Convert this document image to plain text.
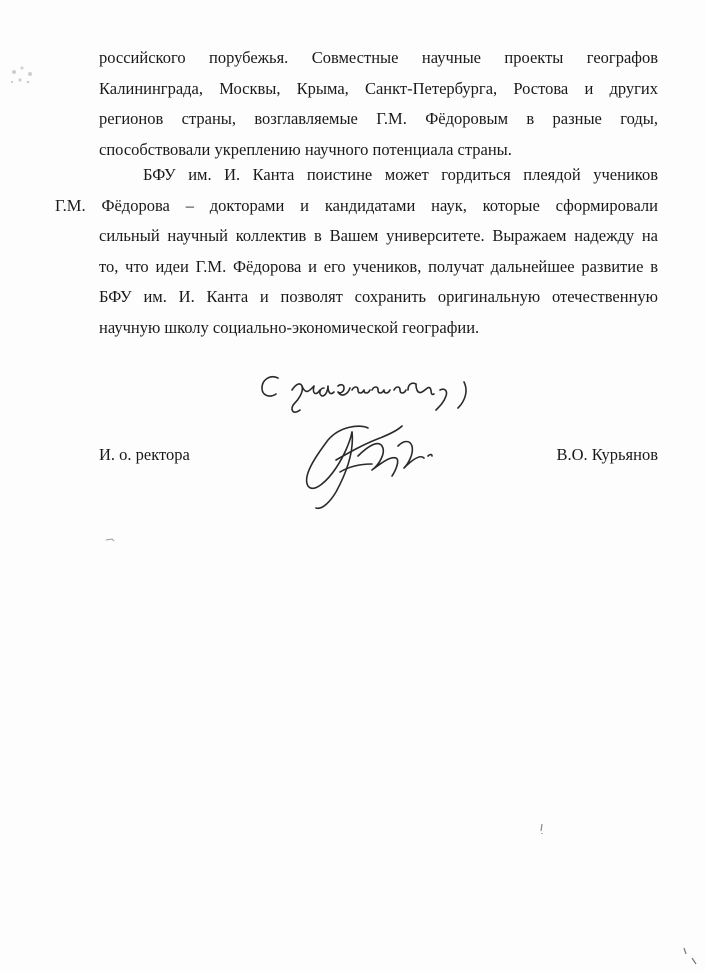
российского порубежья. Совместные научные проекты географов
Калининграда, Москвы, Крыма, Санкт-Петербурга, Ростова и других
регионов страны, возглавляемые Г.М. Фёдоровым в разные годы,
способствовали укреплению научного потенциала страны.
БФУ им. И. Канта поистине может гордиться плеядой учеников
Г.М. Фёдорова – докторами и кандидатами наук, которые сформировали
сильный научный коллектив в Вашем университете. Выражаем надежду на
то, что идеи Г.М. Фёдорова и его учеников, получат дальнейшее развитие в
БФУ им. И. Канта и позволят сохранить оригинальную отечественную
научную школу социально-экономической географии.

И. о. ректора	В.О. Курьянов
